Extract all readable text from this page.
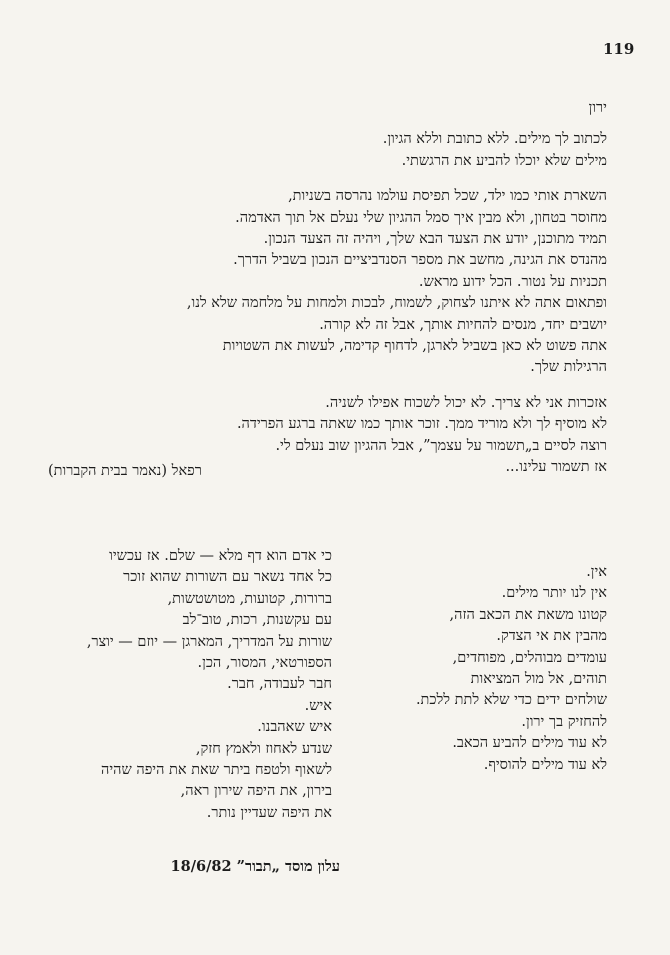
119
ירון
לכתוב לך מילים. ללא כתובת וללא הגיון.
מילים שלא יוכלו להביע את הרגשתי.
השארת אותי כמו ילד, שכל תפיסת עולמו נהרסה בשניות,
מחוסר בטחון, ולא מבין איך סמל ההגיון שלי נעלם אל תוך האדמה.
תמיד מתוכנן, יודע את הצעד הבא שלך, ויהיה זה הצעד הנכון.
מהנדס את הגינה, מחשב את מספר הסנדביציים הנכון בשביל הדרך.
תכניות על נטור. הכל ידוע מראש.
ופתאום אתה לא איתנו לצחוק, לשמוח, לבכות ולמחות על מלחמה שלא לנו,
יושבים יחד, מנסים להחיות אותך, אבל זה לא קורה.
אתה פשוט לא כאן בשביל לארגן, לדחוף קדימה, לעשות את השטויות
הרגילות שלך.
אזכרות אני לא צריך. לא יכול לשכוח אפילו לשניה.
לא מוסיף לך ולא מוריד ממך. זוכר אותך כמו שאתה ברגע הפרידה.
רוצה לסיים ב„תשמור על עצמך”, אבל ההגיון שוב נעלם לי.
אז תשמור עלינו...
רפאל (נאמר בבית הקברות)
אין.
אין לנו יותר מילים.
קטונו משאת את הכאב הזה,
מהבין את אי הצדק.
עומדים מבוהלים, מפוחדים,
תוהים, אל מול המציאות
שולחים ידים כדי שלא לתת ללכת.
להחזיק בך ירון.
לא עוד מילים להביע הכאב.
לא עוד מילים להוסיף.
כי אדם הוא דף מלא — שלם. אז עכשיו
כל אחד נשאר עם השורות שהוא זוכר
ברורות, קטועות, מטושטשות,
עם עקשנות, רכות, טוב־לב
שורות על המדריך, המארגן — יוזם — יוצר,
הספורטאי, המסור, הכן.
חבר לעבודה, חבר.
איש.
איש שאהבנו.
שנדע לאחוז ולאמץ חזק,
לשאוף ולטפח ביתר שאת את היפה שהיה
בירון, את היפה שירון ראה,
את היפה שעדיין נותר.
עלון מוסד „תבור” 18/6/82
